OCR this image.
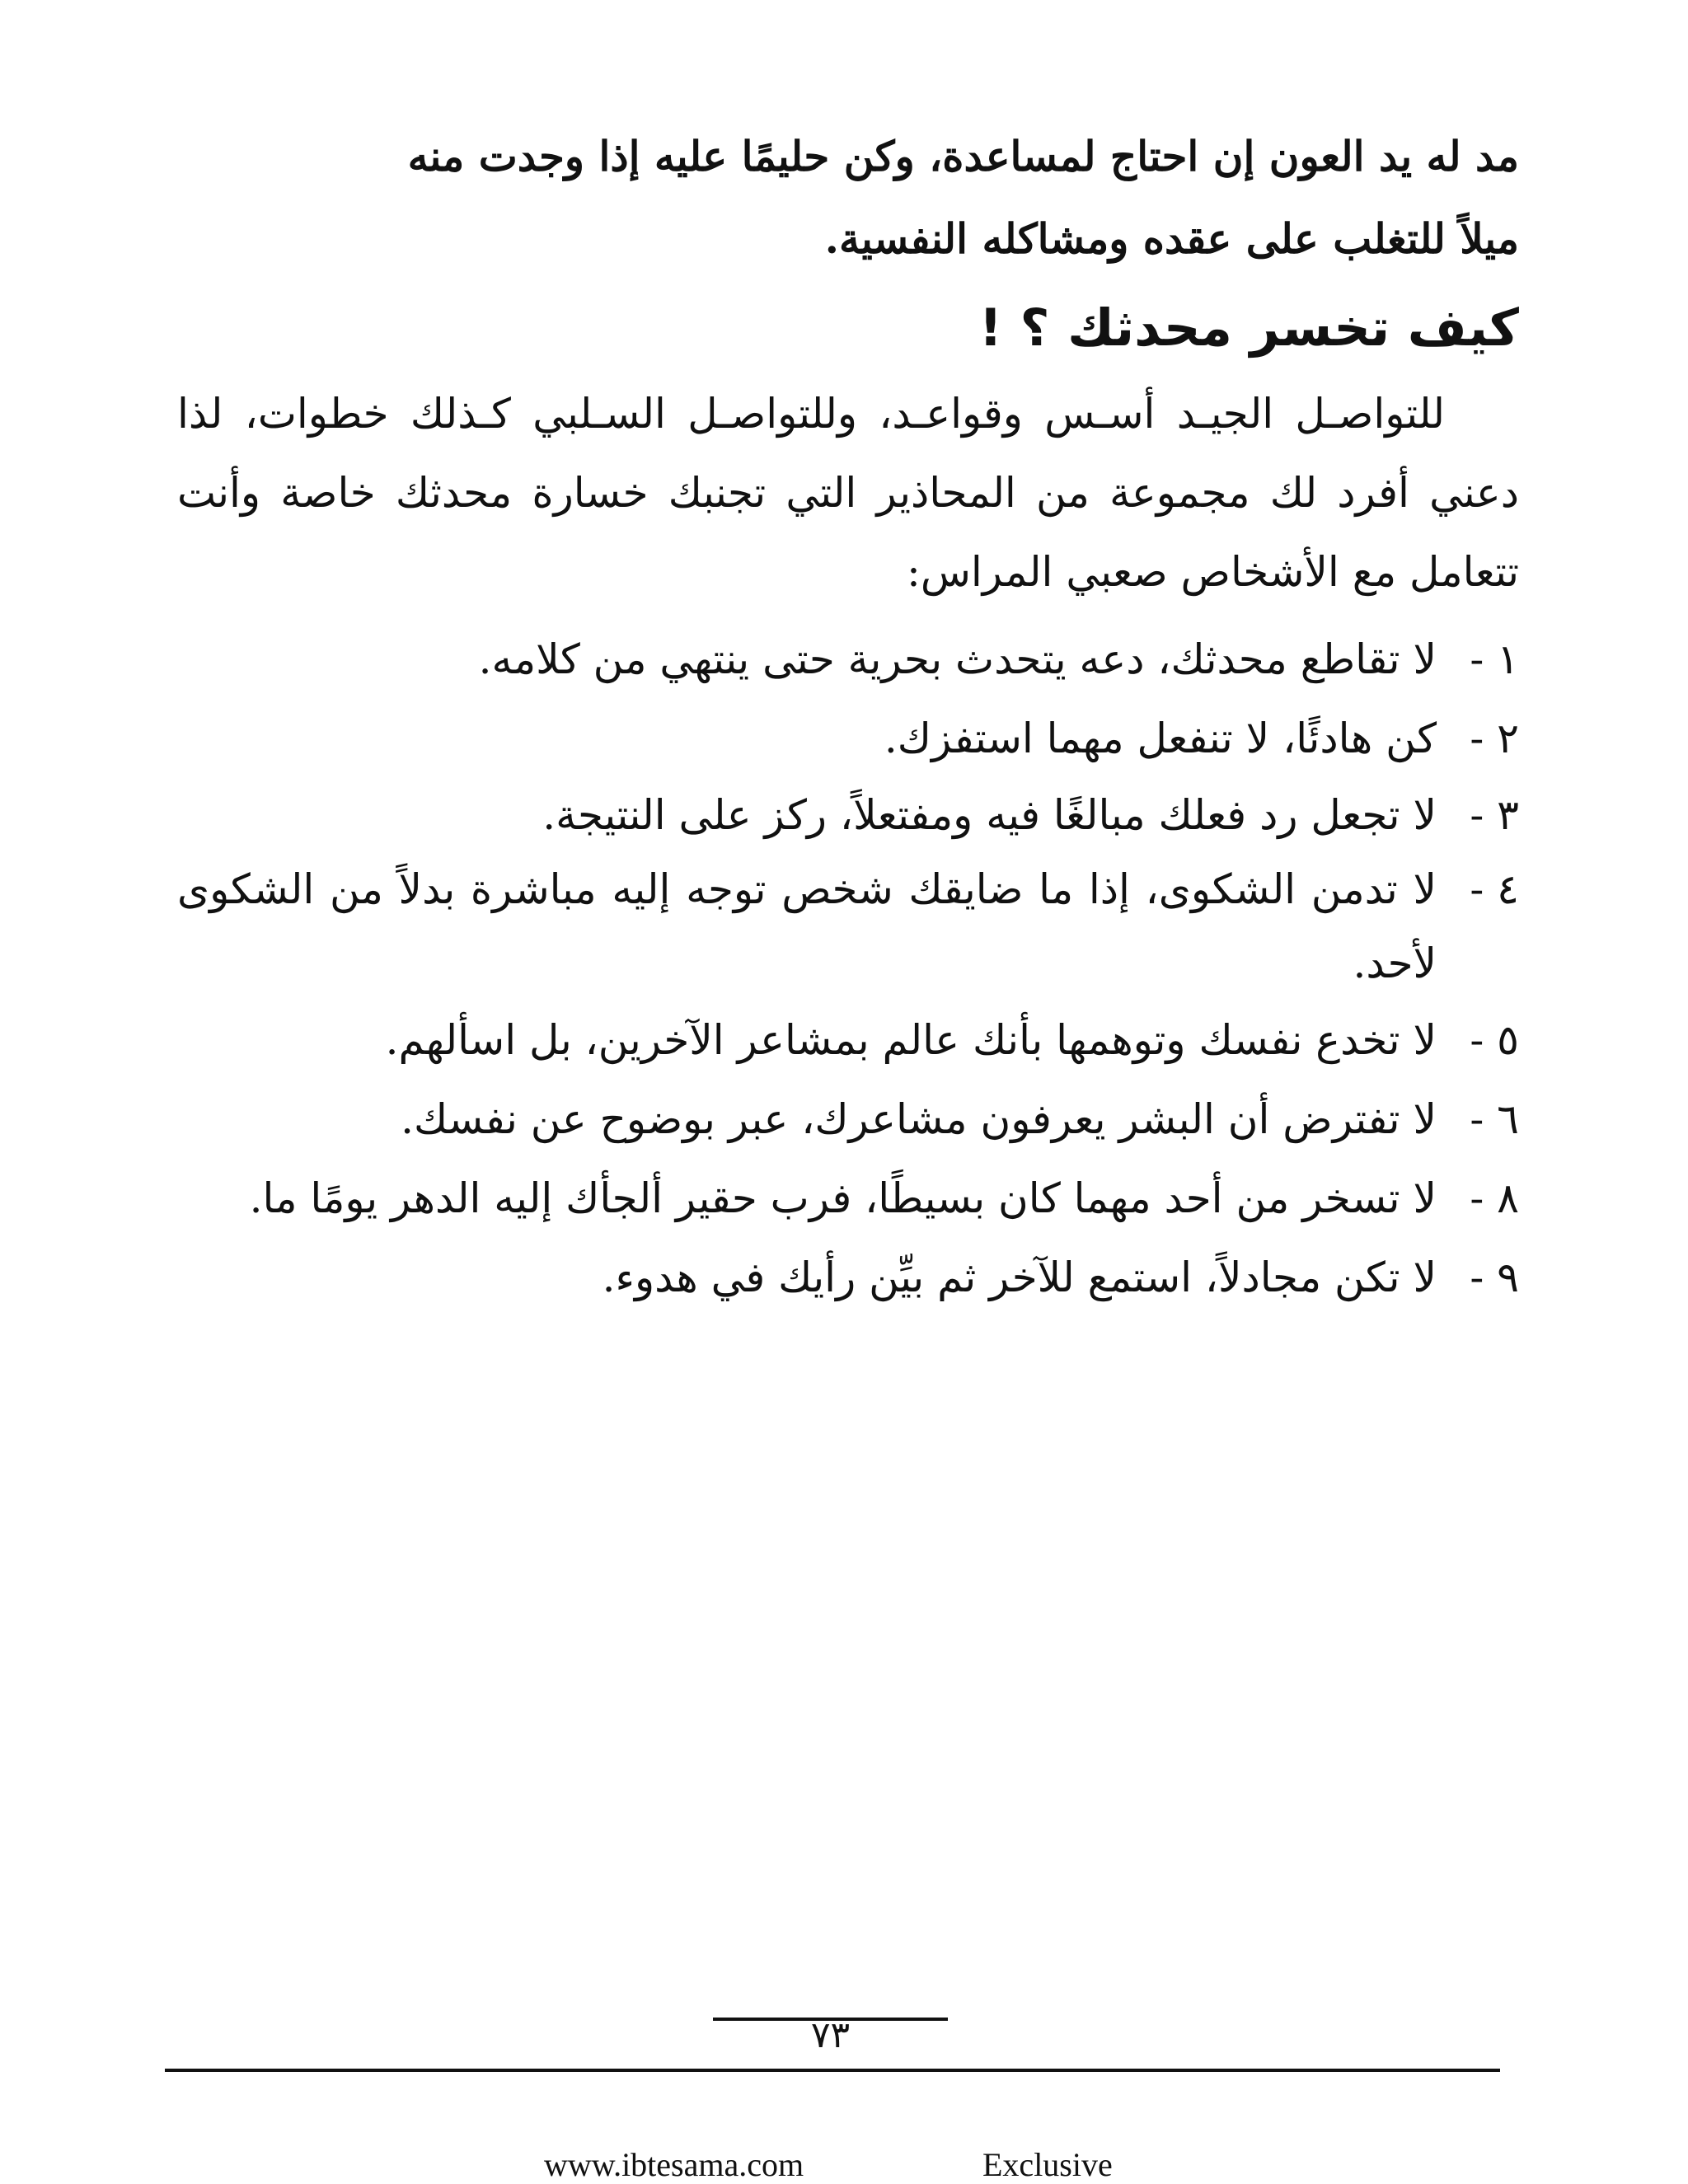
مد له يد العون إن احتاج لمساعدة، وكن حليمًا عليه إذا وجدت منه

ميلاً للتغلب على عقده ومشاكله النفسية.

كيف تخسر محدثك ؟ !

للتواصـل الجيـد أسـس وقواعـد، وللتواصـل السـلبي كـذلك خطوات، لذا دعني أفرد لك مجموعة من المحاذير التي تجنبك خسارة محدثك خاصة وأنت تتعامل مع الأشخاص صعبي المراس:

١ -
لا تقاطع محدثك، دعه يتحدث بحرية حتى ينتهي من كلامه.
٢ -
كن هادئًا، لا تنفعل مهما استفزك.
٣ -
لا تجعل رد فعلك مبالغًا فيه ومفتعلاً، ركز على النتيجة.
٤ -
لا تدمن الشكوى، إذا ما ضايقك شخص توجه إليه مباشرة بدلاً من الشكوى لأحد.
٥ -
لا تخدع نفسك وتوهمها بأنك عالم بمشاعر الآخرين، بل اسألهم.
٦ -
لا تفترض أن البشر يعرفون مشاعرك، عبر بوضوح عن نفسك.
٨ -
لا تسخر من أحد مهما كان بسيطًا، فرب حقير ألجأك إليه الدهر يومًا ما.
٩ -
لا تكن مجادلاً، استمع للآخر ثم بيِّن رأيك في هدوء.
٧٣
www.ibtesama.com	Exclusive
